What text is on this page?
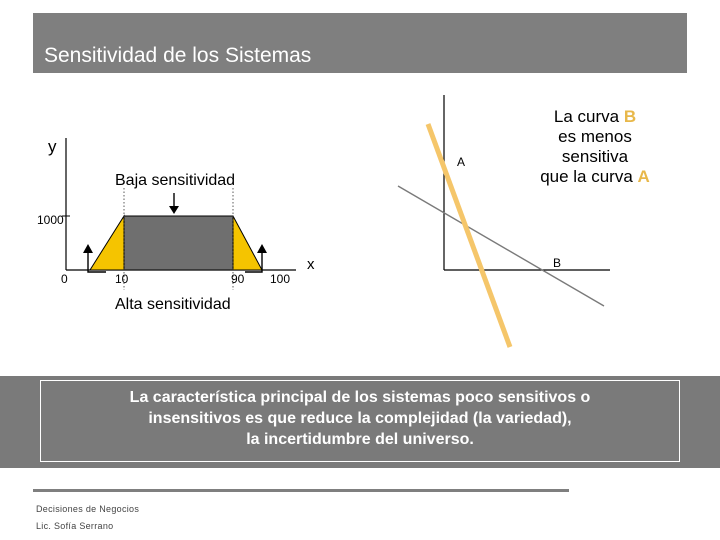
Sensitividad de los Sistemas
y
x
1000
0	10	90 100
Baja sensitividad
Alta sensitividad
A
B
La curva B
es menos
sensitiva
que la curva A
La característica principal de los sistemas poco sensitivos o
insensitivos es que reduce la complejidad (la variedad),
la incertidumbre del universo.
Decisiones de Negocios
Lic. Sofía Serrano
